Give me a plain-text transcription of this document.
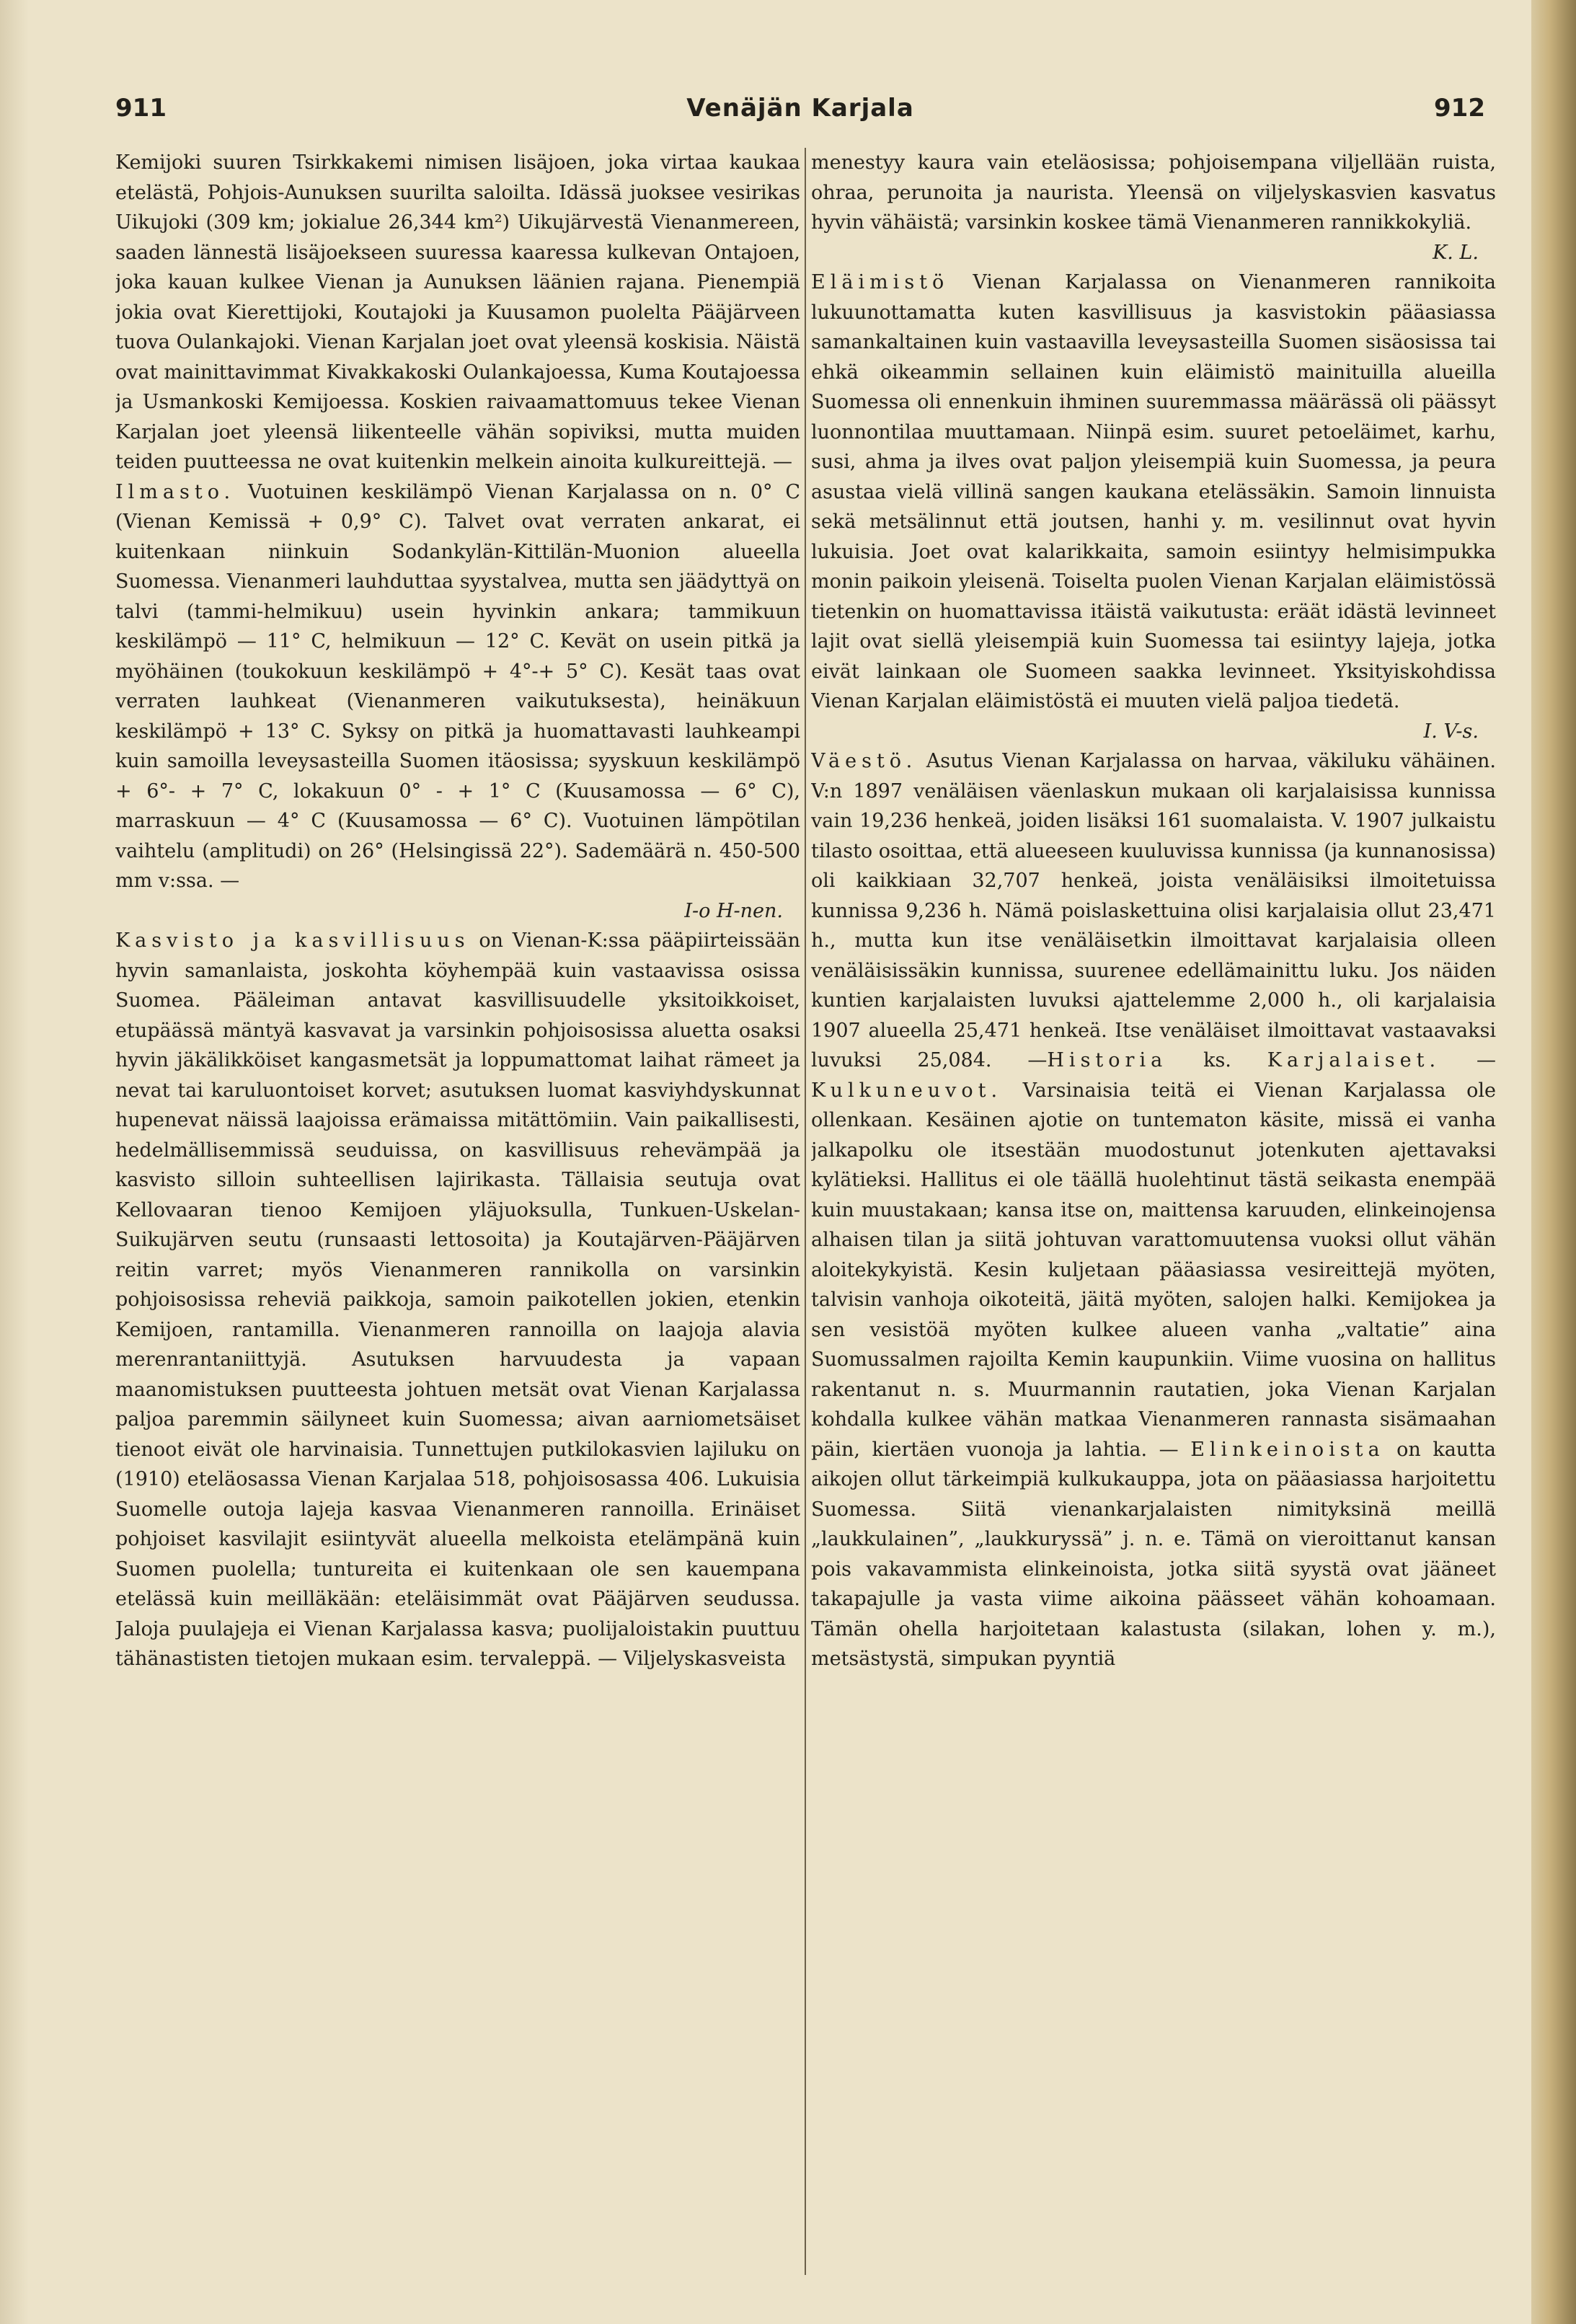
Venäjän Karjala
911	912

Kemijoki suuren Tsirkkakemi nimisen lisäjoen, joka virtaa kaukaa etelästä, Pohjois-Aunuksen suurilta saloilta. Idässä juoksee vesirikas Uikujoki (309 km; jokialue 26,344 km²) Uikujärvestä Vienanmereen, saaden lännestä lisäjoekseen suuressa kaaressa kulkevan Ontajoen, joka kauan kulkee Vienan ja Aunuksen läänien rajana. Pienempiä jokia ovat Kierettijoki, Koutajoki ja Kuusamon puolelta Pääjärveen tuova Oulankajoki. Vienan Karjalan joet ovat yleensä koskisia. Näistä ovat mainittavimmat Kivakkakoski Oulankajoessa, Kuma Koutajoessa ja Usmankoski Kemijoessa. Koskien raivaamattomuus tekee Vienan Karjalan joet yleensä liikenteelle vähän sopiviksi, mutta muiden teiden puutteessa ne ovat kuitenkin melkein ainoita kulkureittejä. —

Ilmasto. Vuotuinen keskilämpö Vienan Karjalassa on n. 0° C (Vienan Kemissä + 0,9° C). Talvet ovat verraten ankarat, ei kuitenkaan niinkuin Sodankylän-Kittilän-Muonion alueella Suomessa. Vienanmeri lauhduttaa syystalvea, mutta sen jäädyttyä on talvi (tammi-helmikuu) usein hyvinkin ankara; tammikuun keskilämpö — 11° C, helmikuun — 12° C. Kevät on usein pitkä ja myöhäinen (toukokuun keskilämpö + 4°-+ 5° C). Kesät taas ovat verraten lauhkeat (Vienanmeren vaikutuksesta), heinäkuun keskilämpö + 13° C. Syksy on pitkä ja huomattavasti lauhkeampi kuin samoilla leveysasteilla Suomen itäosissa; syyskuun keskilämpö + 6°- + 7° C, lokakuun 0° - + 1° C (Kuusamossa — 6° C), marraskuun — 4° C (Kuusamossa — 6° C). Vuotuinen lämpötilan vaihtelu (amplitudi) on 26° (Helsingissä 22°). Sademäärä n. 450-500 mm v:ssa. —

I-o H-nen.

Kasvisto ja kasvillisuus on Vienan-K:ssa pääpiirteissään hyvin samanlaista, joskohta köyhempää kuin vastaavissa osissa Suomea. Pääleiman antavat kasvillisuudelle yksitoikkoiset, etupäässä mäntyä kasvavat ja varsinkin pohjoisosissa aluetta osaksi hyvin jäkälikköiset kangasmetsät ja loppumattomat laihat rämeet ja nevat tai karuluontoiset korvet; asutuksen luomat kasviyhdyskunnat hupenevat näissä laajoissa erämaissa mitättömiin. Vain paikallisesti, hedelmällisemmissä seuduissa, on kasvillisuus rehevämpää ja kasvisto silloin suhteellisen lajirikasta. Tällaisia seutuja ovat Kellovaaran tienoo Kemijoen yläjuoksulla, Tunkuen-Uskelan-Suikujärven seutu (runsaasti lettosoita) ja Koutajärven-Pääjärven reitin varret; myös Vienanmeren rannikolla on varsinkin pohjoisosissa reheviä paikkoja, samoin paikotellen jokien, etenkin Kemijoen, rantamilla. Vienanmeren rannoilla on laajoja alavia merenrantaniittyjä. Asutuksen harvuudesta ja vapaan maanomistuksen puutteesta johtuen metsät ovat Vienan Karjalassa paljoa paremmin säilyneet kuin Suomessa; aivan aarniometsäiset tienoot eivät ole harvinaisia. Tunnettujen putkilokasvien lajiluku on (1910) eteläosassa Vienan Karjalaa 518, pohjoisosassa 406. Lukuisia Suomelle outoja lajeja kasvaa Vienanmeren rannoilla. Erinäiset pohjoiset kasvilajit esiintyvät alueella melkoista etelämpänä kuin Suomen puolella; tuntureita ei kuitenkaan ole sen kauempana etelässä kuin meilläkään: eteläisimmät ovat Pääjärven seudussa. Jaloja puulajeja ei Vienan Karjalassa kasva; puolijaloistakin puuttuu tähänastisten tietojen mukaan esim. tervaleppä. — Viljelyskasveista

menestyy kaura vain eteläosissa; pohjoisempana viljellään ruista, ohraa, perunoita ja naurista. Yleensä on viljelyskasvien kasvatus hyvin vähäistä; varsinkin koskee tämä Vienanmeren rannikkokyliä.

K. L.

Eläimistö Vienan Karjalassa on Vienanmeren rannikoita lukuunottamatta kuten kasvillisuus ja kasvistokin pääasiassa samankaltainen kuin vastaavilla leveysasteilla Suomen sisäosissa tai ehkä oikeammin sellainen kuin eläimistö mainituilla alueilla Suomessa oli ennenkuin ihminen suuremmassa määrässä oli päässyt luonnontilaa muuttamaan. Niinpä esim. suuret petoeläimet, karhu, susi, ahma ja ilves ovat paljon yleisempiä kuin Suomessa, ja peura asustaa vielä villinä sangen kaukana etelässäkin. Samoin linnuista sekä metsälinnut että joutsen, hanhi y. m. vesilinnut ovat hyvin lukuisia. Joet ovat kalarikkaita, samoin esiintyy helmisimpukka monin paikoin yleisenä. Toiselta puolen Vienan Karjalan eläimistössä tietenkin on huomattavissa itäistä vaikutusta: eräät idästä levinneet lajit ovat siellä yleisempiä kuin Suomessa tai esiintyy lajeja, jotka eivät lainkaan ole Suomeen saakka levinneet. Yksityiskohdissa Vienan Karjalan eläimistöstä ei muuten vielä paljoa tiedetä.

I. V-s.

Väestö. Asutus Vienan Karjalassa on harvaa, väkiluku vähäinen. V:n 1897 venäläisen väenlaskun mukaan oli karjalaisissa kunnissa vain 19,236 henkeä, joiden lisäksi 161 suomalaista. V. 1907 julkaistu tilasto osoittaa, että alueeseen kuuluvissa kunnissa (ja kunnanosissa) oli kaikkiaan 32,707 henkeä, joista venäläisiksi ilmoitetuissa kunnissa 9,236 h. Nämä poislaskettuina olisi karjalaisia ollut 23,471 h., mutta kun itse venäläisetkin ilmoittavat karjalaisia olleen venäläisissäkin kunnissa, suurenee edellämainittu luku. Jos näiden kuntien karjalaisten luvuksi ajattelemme 2,000 h., oli karjalaisia 1907 alueella 25,471 henkeä. Itse venäläiset ilmoittavat vastaavaksi luvuksi 25,084. —Historia ks. Karjalaiset. — Kulkuneuvot. Varsinaisia teitä ei Vienan Karjalassa ole ollenkaan. Kesäinen ajotie on tuntematon käsite, missä ei vanha jalkapolku ole itsestään muodostunut jotenkuten ajettavaksi kylätieksi. Hallitus ei ole täällä huolehtinut tästä seikasta enempää kuin muustakaan; kansa itse on, maittensa karuuden, elinkeinojensa alhaisen tilan ja siitä johtuvan varattomuutensa vuoksi ollut vähän aloitekykyistä. Kesin kuljetaan pääasiassa vesireittejä myöten, talvisin vanhoja oikoteitä, jäitä myöten, salojen halki. Kemijokea ja sen vesistöä myöten kulkee alueen vanha „valtatie” aina Suomussalmen rajoilta Kemin kaupunkiin. Viime vuosina on hallitus rakentanut n. s. Muurmannin rautatien, joka Vienan Karjalan kohdalla kulkee vähän matkaa Vienanmeren rannasta sisämaahan päin, kiertäen vuonoja ja lahtia. — Elinkeinoista on kautta aikojen ollut tärkeimpiä kulkukauppa, jota on pääasiassa harjoitettu Suomessa. Siitä vienankarjalaisten nimityksinä meillä „laukkulainen”, „laukkuryssä” j. n. e. Tämä on vieroittanut kansan pois vakavammista elinkeinoista, jotka siitä syystä ovat jääneet takapajulle ja vasta viime aikoina päässeet vähän kohoamaan. Tämän ohella harjoitetaan kalastusta (silakan, lohen y. m.), metsästystä, simpukan pyyntiä
